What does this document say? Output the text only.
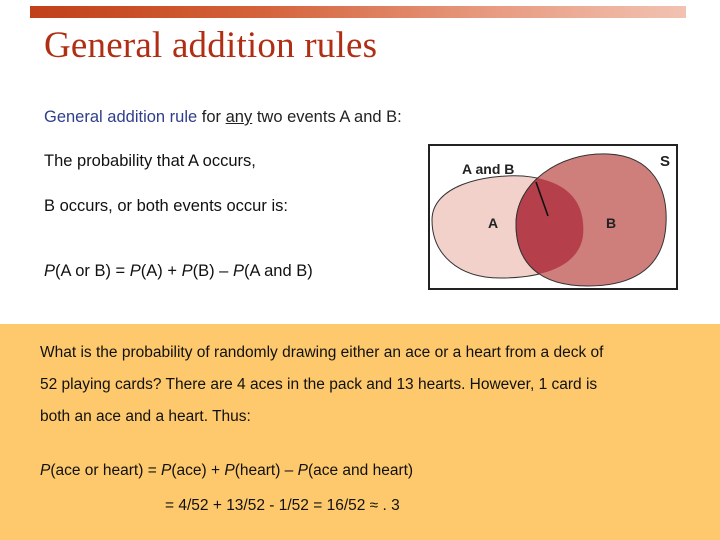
General addition rules
General addition rule for any two events A and B:
The probability that A occurs,
B occurs, or both events occur is:
P(A or B) = P(A) + P(B) – P(A and B)
A and B	S
A	B
What is the probability of randomly drawing either an ace or a heart from a deck of
52 playing cards? There are 4 aces in the pack and 13 hearts. However, 1 card is
both an ace and a heart. Thus:
P(ace or heart) = P(ace) + P(heart) – P(ace and heart)
= 4/52 + 13/52 - 1/52 = 16/52 ≈ . 3
